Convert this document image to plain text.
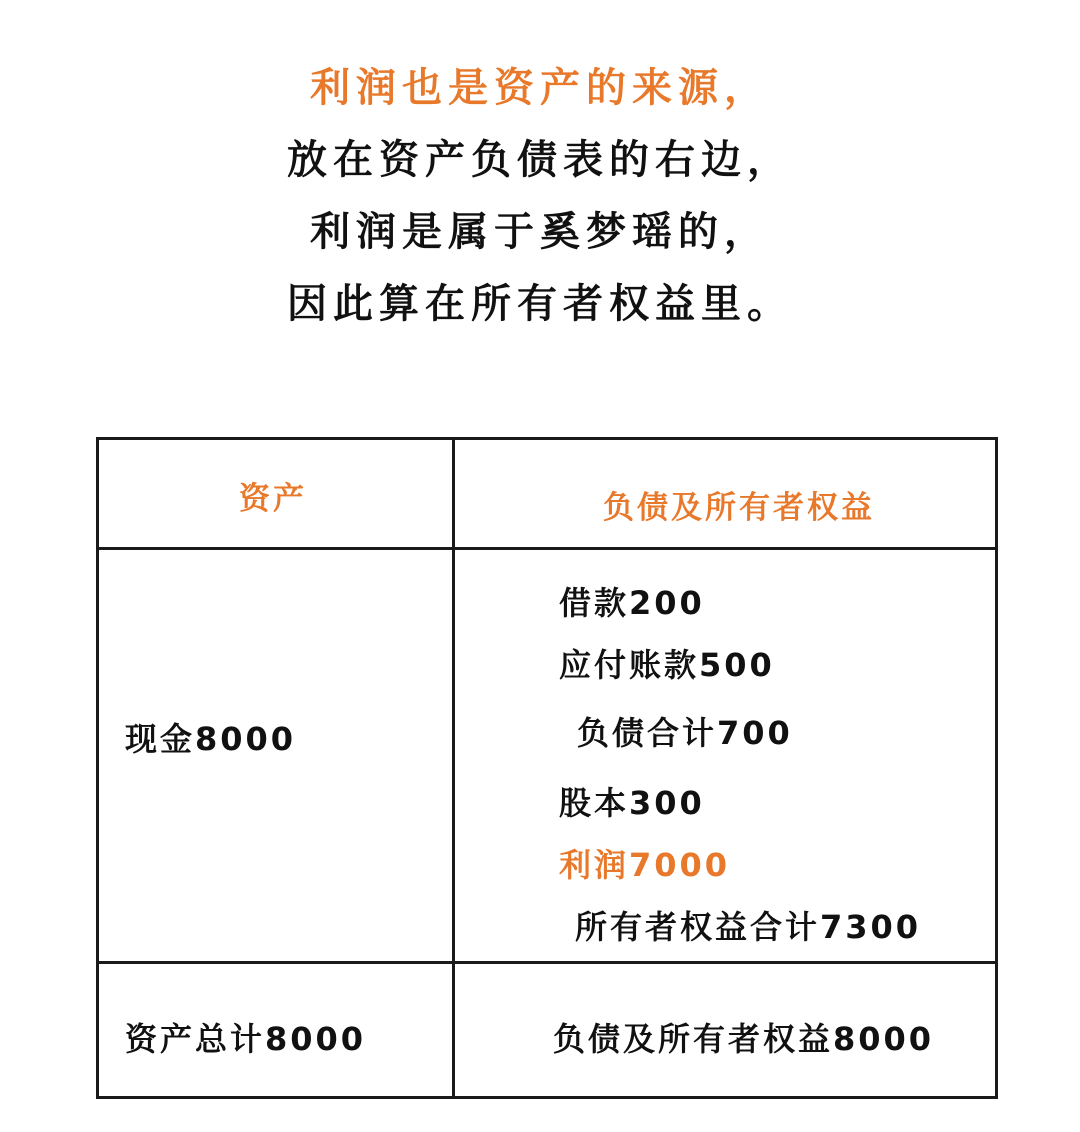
利润也是资产的来源，
放在资产负债表的右边，
利润是属于奚梦瑶的，
因此算在所有者权益里。
资产	负债及所有者权益
现金8000
借款200
应付账款500
负债合计700
股本300
利润7000
所有者权益合计7300
资产总计8000	负债及所有者权益8000
